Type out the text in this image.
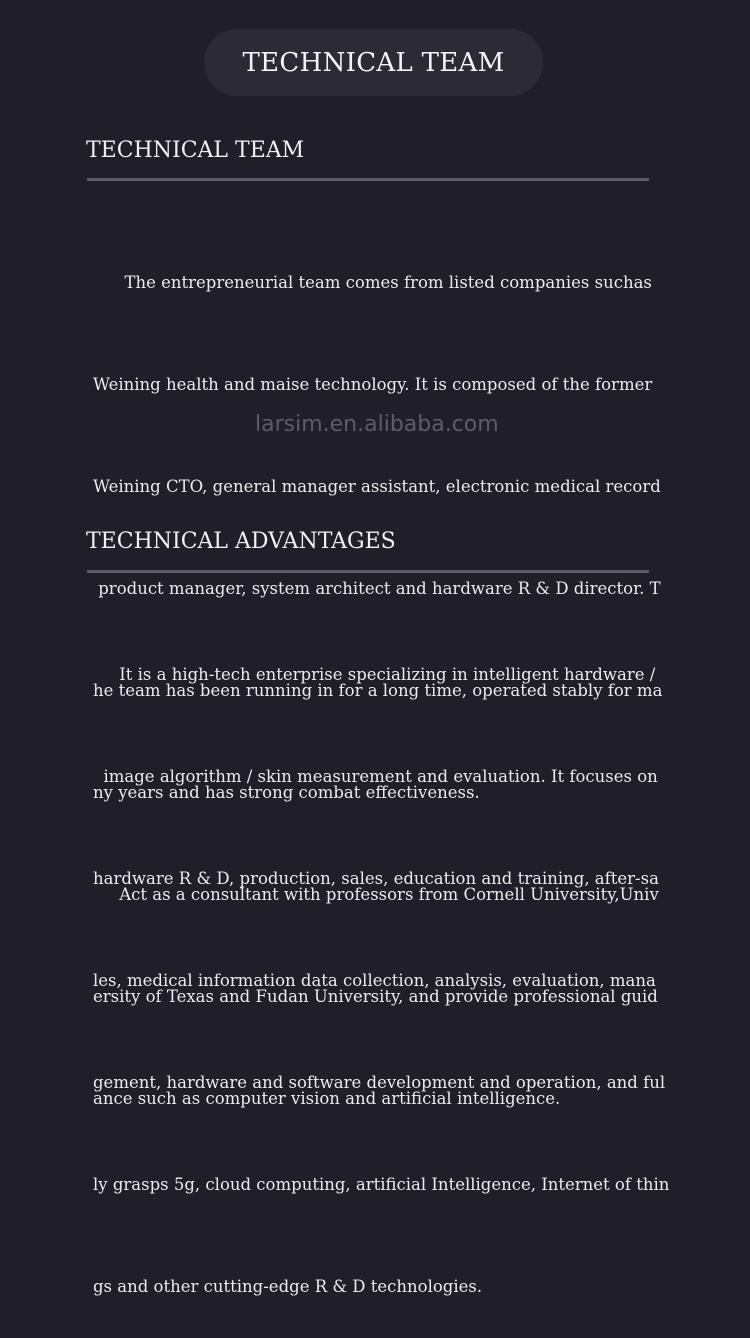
TECHNICAL TEAM
TECHNICAL TEAM

The entrepreneurial team comes from listed companies suchas

Weining health and maise technology. It is composed of the former

Weining CTO, general manager assistant, electronic medical record

product manager, system architect and hardware R & D director. T

he team has been running in for a long time, operated stably for ma

ny years and has strong combat effectiveness.

Act as a consultant with professors from Cornell University,Univ

ersity of Texas and Fudan University, and provide professional guid

ance such as computer vision and artificial intelligence.

TECHNICAL ADVANTAGES

It is a high-tech enterprise specializing in intelligent hardware /

image algorithm / skin measurement and evaluation. It focuses on

hardware R & D, production, sales, education and training, after-sa

les, medical information data collection, analysis, evaluation, mana

gement, hardware and software development and operation, and ful

ly grasps 5g, cloud computing, artificial Intelligence, Internet of thin

gs and other cutting-edge R & D technologies.

larsim.en.alibaba.com
